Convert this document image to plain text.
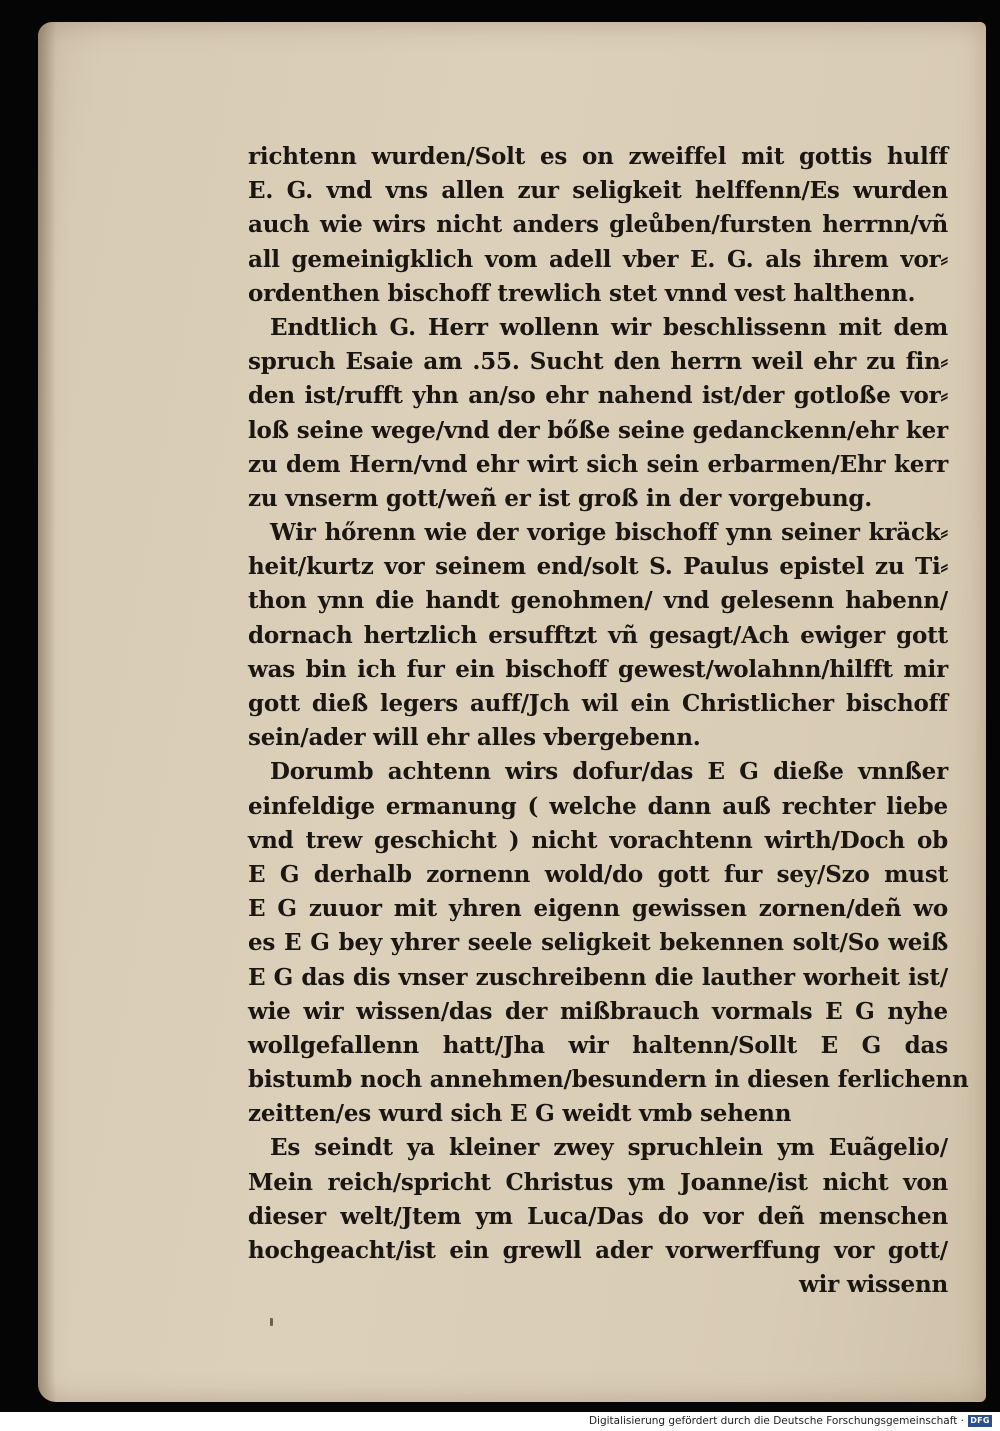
richtenn wurden/Solt es on zweiffel mit gottis hulff
E. G. vnd vns allen zur seligkeit helffenn/Es wurden
auch wie wirs nicht anders gleůben/fursten herrnn/vñ
all gemeinigklich vom adell vber E. G. als ihrem vor⸗
ordenthen bischoff trewlich stet vnnd vest halthenn.
Endtlich G. Herr wollenn wir beschlissenn mit dem
spruch Esaie am .55. Sucht den herrn weil ehr zu fin⸗
den ist/rufft yhn an/so ehr nahend ist/der gotloße vor⸗
loß seine wege/vnd der bőße seine gedanckenn/ehr ker
zu dem Hern/vnd ehr wirt sich sein erbarmen/Ehr kerr
zu vnserm gott/weñ er ist groß in der vorgebung.
Wir hőrenn wie der vorige bischoff ynn seiner kräck⸗
heit/kurtz vor seinem end/solt S. Paulus epistel zu Ti⸗
thon ynn die handt genohmen/ vnd gelesenn habenn/
dornach hertzlich ersufftzt vñ gesagt/Ach ewiger gott
was bin ich fur ein bischoff gewest/wolahnn/hilfft mir
gott dieß legers auff/Jch wil ein Christlicher bischoff
sein/ader will ehr alles vbergebenn.
Dorumb achtenn wirs dofur/das E G dieße vnnßer
einfeldige ermanung ( welche dann auß rechter liebe
vnd trew geschicht ) nicht vorachtenn wirth/Doch ob
E G derhalb zornenn wold/do gott fur sey/Szo must
E G zuuor mit yhren eigenn gewissen zornen/deñ wo
es E G bey yhrer seele seligkeit bekennen solt/So weiß
E G das dis vnser zuschreibenn die lauther worheit ist/
wie wir wissen/das der mißbrauch vormals E G nyhe
wollgefallenn hatt/Jha wir haltenn/Sollt E G das
bistumb noch annehmen/besundern in diesen ferlichenn
zeitten/es wurd sich E G weidt vmb sehenn
Es seindt ya kleiner zwey spruchlein ym Euãgelio/
Mein reich/spricht Christus ym Joanne/ist nicht von
dieser welt/Jtem ym Luca/Das do vor deñ menschen
hochgeacht/ist ein grewll ader vorwerffung vor gott/
wir wissenn
Digitalisierung gefördert durch die Deutsche Forschungsgemeinschaft · DFG
